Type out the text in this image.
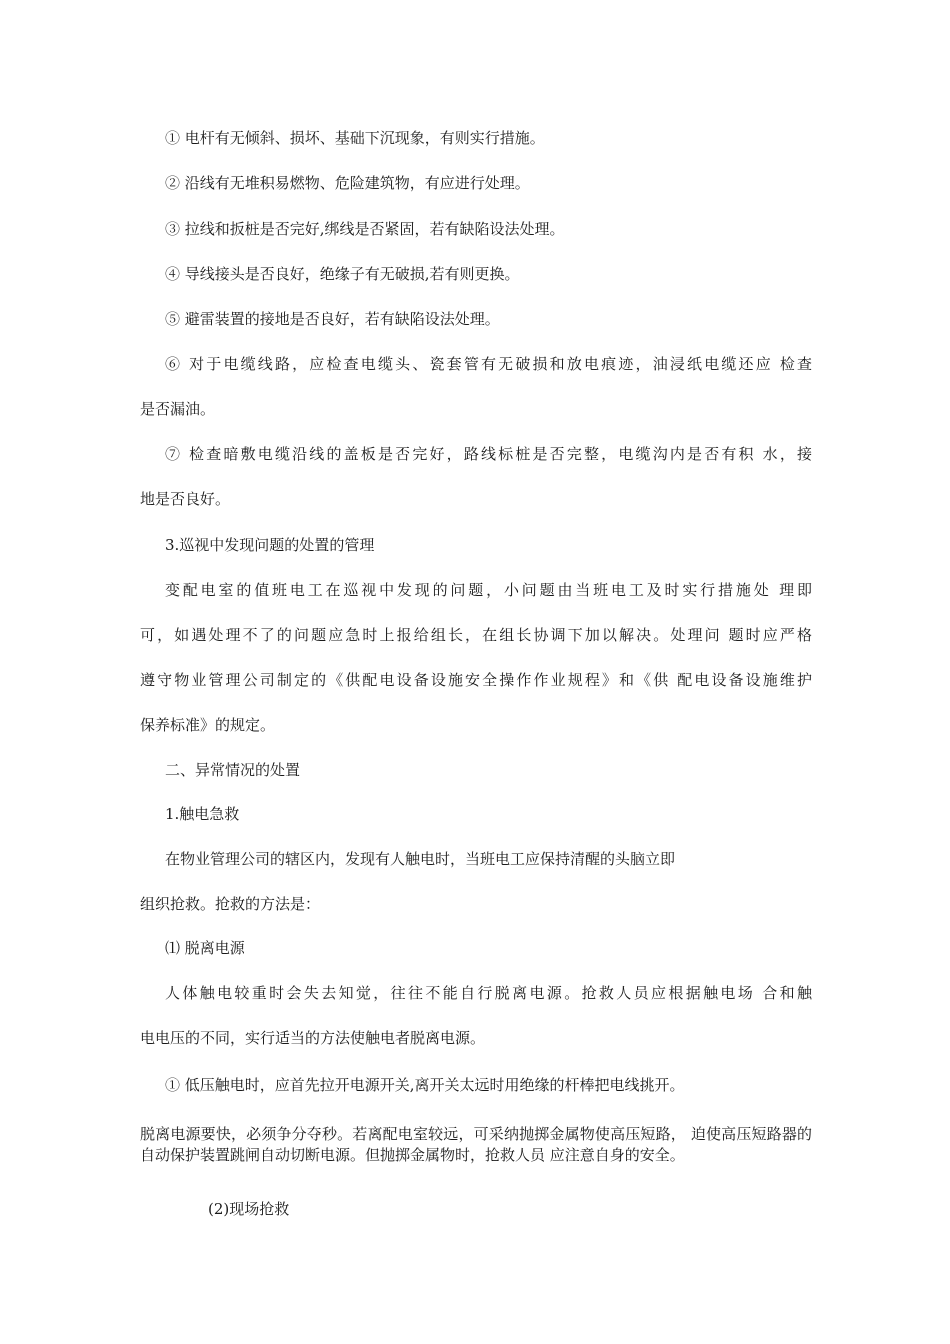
① 电杆有无倾斜、损坏、基础下沉现象，有则实行措施。
② 沿线有无堆积易燃物、危险建筑物，有应进行处理。
③ 拉线和扳桩是否完好,绑线是否紧固，若有缺陷设法处理。
④ 导线接头是否良好，绝缘子有无破损,若有则更换。
⑤ 避雷装置的接地是否良好，若有缺陷设法处理。
⑥ 对于电缆线路，应检查电缆头、瓷套管有无破损和放电痕迹，油浸纸电缆还应 检查
是否漏油。
⑦ 检查暗敷电缆沿线的盖板是否完好，路线标桩是否完整，电缆沟内是否有积 水，接
地是否良好。
3.巡视中发现问题的处置的管理
变配电室的值班电工在巡视中发现的问题，小问题由当班电工及时实行措施处 理即
可，如遇处理不了的问题应急时上报给组长，在组长协调下加以解决。处理问 题时应严格
遵守物业管理公司制定的《供配电设备设施安全操作作业规程》和《供 配电设备设施维护
保养标准》的规定。
二、异常情况的处置
1.触电急救
在物业管理公司的辖区内，发现有人触电时，当班电工应保持清醒的头脑立即
组织抢救。抢救的方法是：
⑴ 脱离电源
人体触电较重时会失去知觉，往往不能自行脱离电源。抢救人员应根据触电场 合和触
电电压的不同，实行适当的方法使触电者脱离电源。
① 低压触电时，应首先拉开电源开关,离开关太远时用绝缘的杆棒把电线挑开。
脱离电源要快，必须争分夺秒。若离配电室较远，可采纳抛掷金属物使高压短路， 迫使高压短路器的自动保护装置跳闸自动切断电源。但抛掷金属物时，抢救人员 应注意自身的安全。
(2)现场抢救
